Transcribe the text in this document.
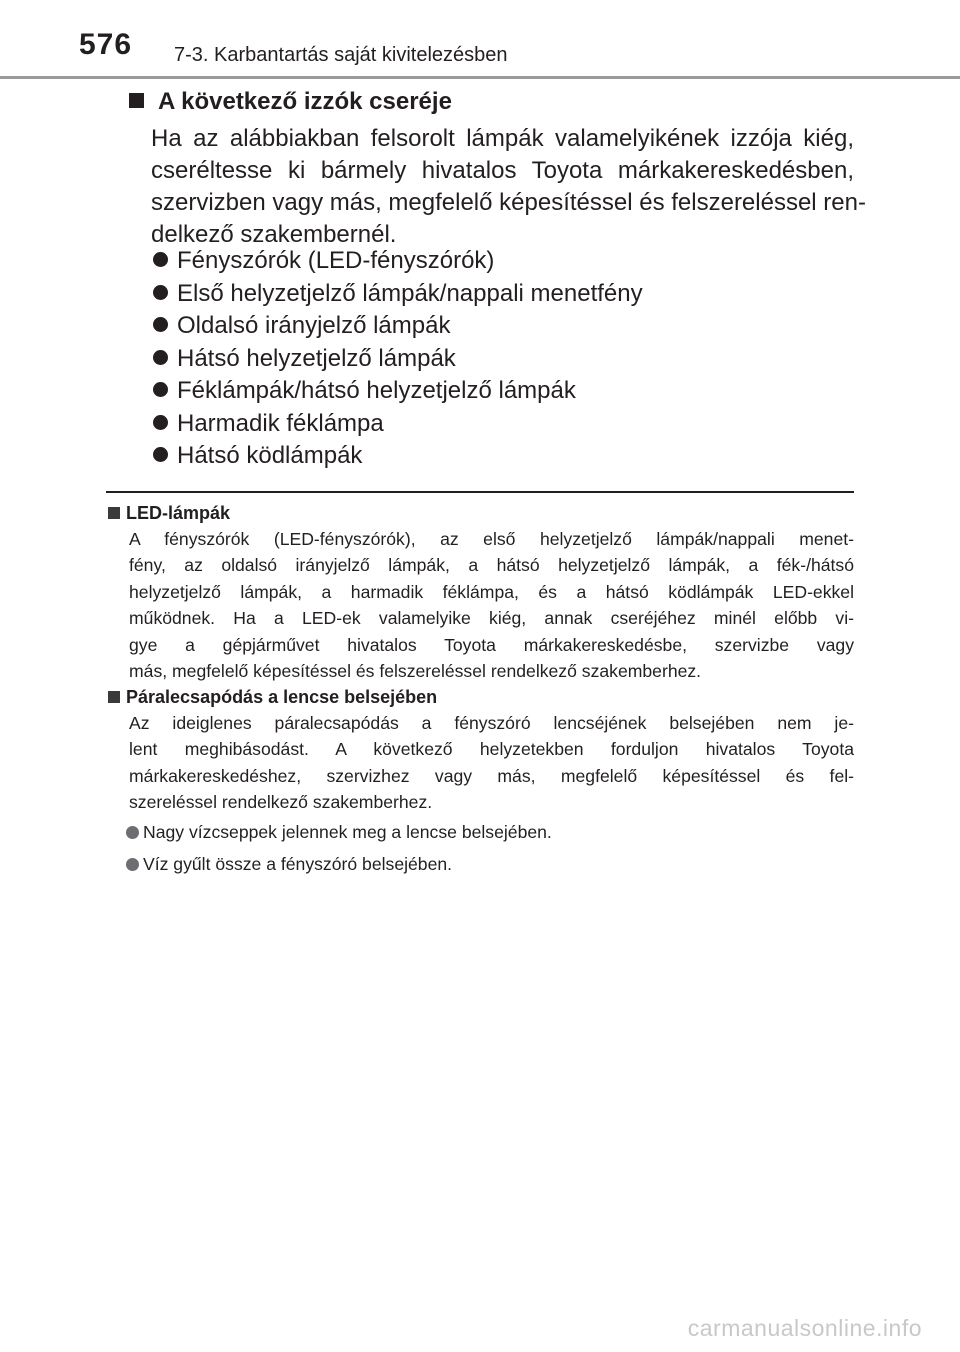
576 7-3. Karbantartás saját kivitelezésben
A következő izzók cseréje
Ha az alábbiakban felsorolt lámpák valamelyikének izzója kiég,
cseréltesse ki bármely hivatalos Toyota márkakereskedésben,
szervizben vagy más, megfelelő képesítéssel és felszereléssel ren-
delkező szakembernél.
Fényszórók (LED-fényszórók)
Első helyzetjelző lámpák/nappali menetfény
Oldalsó irányjelző lámpák
Hátsó helyzetjelző lámpák
Féklámpák/hátsó helyzetjelző lámpák
Harmadik féklámpa
Hátsó ködlámpák
LED-lámpák
A fényszórók (LED-fényszórók), az első helyzetjelző lámpák/nappali menet-
fény, az oldalsó irányjelző lámpák, a hátsó helyzetjelző lámpák, a fék-/hátsó
helyzetjelző lámpák, a harmadik féklámpa, és a hátsó ködlámpák LED-ekkel
működnek. Ha a LED-ek valamelyike kiég, annak cseréjéhez minél előbb vi-
gye a gépjárművet hivatalos Toyota márkakereskedésbe, szervizbe vagy
más, megfelelő képesítéssel és felszereléssel rendelkező szakemberhez.
Páralecsapódás a lencse belsejében
Az ideiglenes páralecsapódás a fényszóró lencséjének belsejében nem je-
lent meghibásodást. A következő helyzetekben forduljon hivatalos Toyota
márkakereskedéshez, szervizhez vagy más, megfelelő képesítéssel és fel-
szereléssel rendelkező szakemberhez.
Nagy vízcseppek jelennek meg a lencse belsejében.
Víz gyűlt össze a fényszóró belsejében.
carmanualsonline.info
